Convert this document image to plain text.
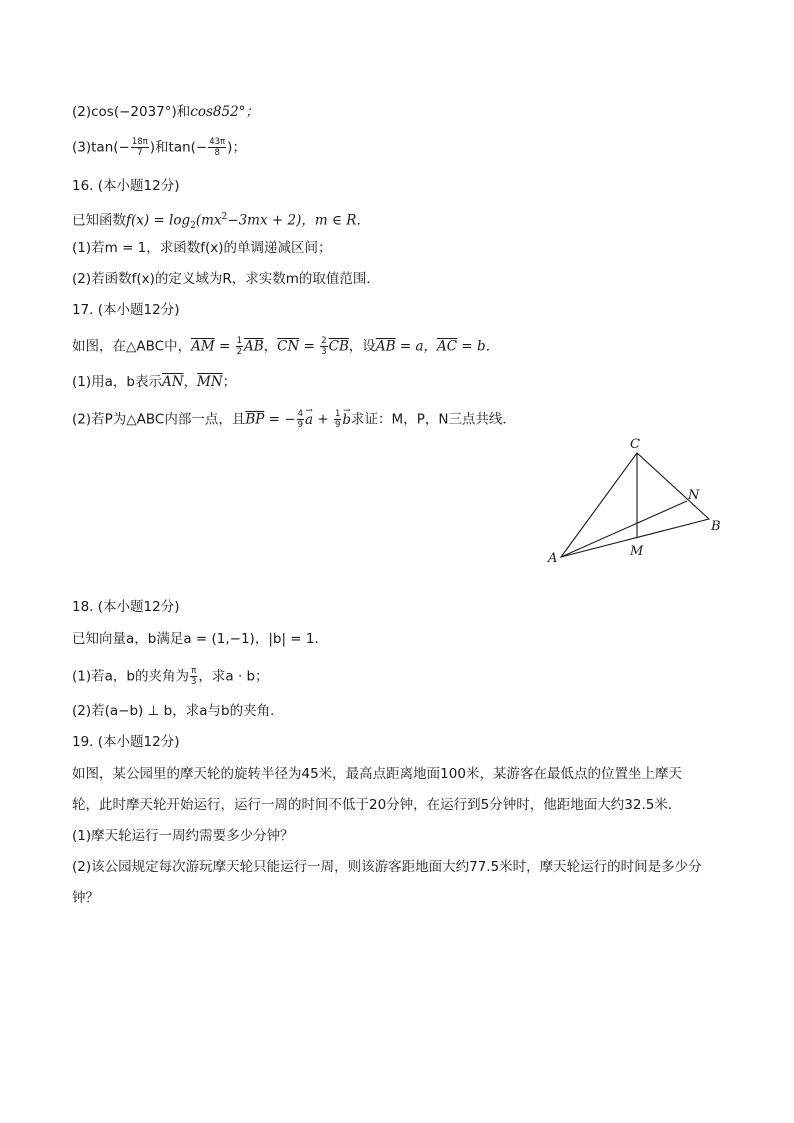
(2)cos(−2037°)和cos852°；
$(3)\tan(- \frac{18\pi}{7}$ )和$\tan(- \frac{43\pi}{8}$ )；
16. (本小题12分)
已知函数$f(x) = \log_2(mx^2-3mx + 2)$，m ∈ R．
(1)若m = 1，求函数f(x)的单调递减区间；
(2)若函数f(x)的定义域为R，求实数m的取值范围．
17. (本小题12分)
如图，在△ABC中，$\overline{AM} = \frac{1}{2} \overline{AB}$，$\overline{CN} = \frac{2}{3} \overline{CB}$，设$\overline{AB} = a$，$\overline{AC} = b$．
(1)用a，b表示$\overline{AN}$，$\overline{MN}$；
(2)若P为△ABC内部一点，且$\overline{BP}$ = − $\frac{4}{9} \to a + \frac{1}{9} \to b$求证：M，P，N三点共线．
C
N
B
M
A
18. (本小题12分)
已知向量a，b满足a = (1,−1)，|b| = 1．
(1)若a，b的夹角为 $\frac{\pi}{3}$ ，求a · b；
(2)若(a−b) ⊥ b，求a与b的夹角．
19. (本小题12分)
如图，某公园里的摩天轮的旋转半径为45米，最高点距离地面100米，某游客在最低点的位置坐上摩天
轮，此时摩天轮开始运行，运行一周的时间不低于20分钟，在运行到5分钟时，他距地面大约32.5米．
(1)摩天轮运行一周约需要多少分钟？
(2)该公园规定每次游玩摩天轮只能运行一周，则该游客距地面大约77.5米时，摩天轮运行的时间是多少分
钟？
